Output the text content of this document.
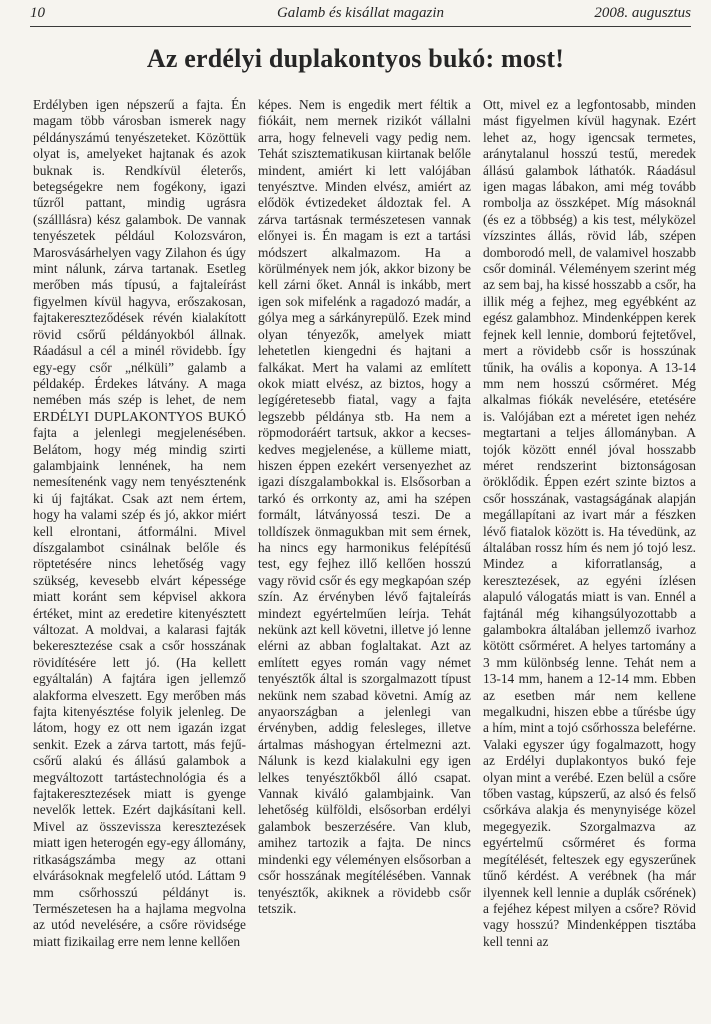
10	Galamb és kisállat magazin	2008. augusztus
Az erdélyi duplakontyos bukó: most!

Erdélyben igen népszerű a fajta. Én magam több városban ismerek nagy példányszámú tenyészeteket. Közöttük olyat is, amelyeket hajtanak és azok buknak is. Rendkívül életerős, betegségekre nem fogékony, igazi tűzről pattant, mindig ugrásra (szálllásra) kész galambok. De vannak tenyészetek például Kolozsváron, Marosvásárhelyen vagy Zilahon és úgy mint nálunk, zárva tartanak. Esetleg merőben más típusú, a fajtaleírást figyelmen kívül hagyva, erőszakosan, fajtakereszteződések révén kialakított rövid csőrű példányokból állnak. Ráadásul a cél a minél rövidebb. Így egy-egy csőr „nélküli” galamb a példakép. Érdekes látvány. A maga nemében más szép is lehet, de nem ERDÉLYI DUPLAKONTYOS BUKÓ fajta a jelenlegi megjelenésében. Belátom, hogy még mindig szirti galambjaink lennének, ha nem nemesítenénk vagy nem tenyésztenénk ki új fajtákat. Csak azt nem értem, hogy ha valami szép és jó, akkor miért kell elrontani, átformálni. Mivel díszgalambot csinálnak belőle és röptetésére nincs lehetőség vagy szükség, kevesebb elvárt képessége miatt koránt sem képvisel akkora értéket, mint az eredetire kitenyésztett változat. A moldvai, a kalarasi fajták bekeresztezése csak a csőr hosszának rövidítésére lett jó. (Ha kellett egyáltalán) A fajtára igen jellemző alakforma elveszett. Egy merőben más fajta kitenyésztése folyik jelenleg. De látom, hogy ez ott nem igazán izgat senkit. Ezek a zárva tartott, más fejű-csőrű alakú és állású galambok a megváltozott tartástechnológia és a fajtakeresztezések miatt is gyenge nevelők lettek. Ezért dajkásítani kell. Mivel az összevissza keresztezések miatt igen heterogén egy-egy állomány, ritkaságszámba megy az ottani elvárásoknak megfelelő utód. Láttam 9 mm csőrhosszú példányt is. Természetesen ha a hajlama megvolna az utód nevelésére, a csőre rövidsége miatt fizikailag erre nem lenne kellően

képes. Nem is engedik mert féltik a fiókáit, nem mernek rizikót vállalni arra, hogy felneveli vagy pedig nem. Tehát szisztematikusan kiirtanak belőle mindent, amiért ki lett valójában tenyésztve. Minden elvész, amiért az elődök évtizedeket áldoztak fel. A zárva tartásnak természetesen vannak előnyei is. Én magam is ezt a tartási módszert alkalmazom. Ha a körülmények nem jók, akkor bizony be kell zárni őket. Annál is inkább, mert igen sok mifelénk a ragadozó madár, a gólya meg a sárkányrepülő. Ezek mind olyan tényezők, amelyek miatt lehetetlen kiengedni és hajtani a falkákat. Mert ha valami az említett okok miatt elvész, az biztos, hogy a legígéretesebb fiatal, vagy a fajta legszebb példánya stb. Ha nem a röpmodoráért tartsuk, akkor a kecses-kedves megjelenése, a külleme miatt, hiszen éppen ezekért versenyezhet az igazi díszgalambokkal is. Elsősorban a tarkó és orrkonty az, ami ha szépen formált, látványossá teszi. De a tolldíszek önmagukban mit sem érnek, ha nincs egy harmonikus felépítésű test, egy fejhez illő kellően hosszú vagy rövid csőr és egy megkapóan szép szín. Az érvényben lévő fajtaleírás mindezt egyértelműen leírja. Tehát nekünk azt kell követni, illetve jó lenne elérni az abban foglaltakat. Azt az említett egyes román vagy német tenyésztők által is szorgalmazott típust nekünk nem szabad követni. Amíg az anyaországban a jelenlegi van érvényben, addig felesleges, illetve ártalmas máshogyan értelmezni azt. Nálunk is kezd kialakulni egy igen lelkes tenyésztőkből álló csapat. Vannak kiváló galambjaink. Van lehetőség külföldi, elsősorban erdélyi galambok beszerzésére. Van klub, amihez tartozik a fajta. De nincs mindenki egy véleményen elsősorban a csőr hosszának megítélésében. Vannak tenyésztők, akiknek a rövidebb csőr tetszik.

Ott, mivel ez a legfontosabb, minden mást figyelmen kívül hagynak. Ezért lehet az, hogy igencsak termetes, aránytalanul hosszú testű, meredek állású galambok láthatók. Ráadásul igen magas lábakon, ami még tovább rombolja az összképet. Míg másoknál (és ez a többség) a kis test, mélyközel vízszintes állás, rövid láb, szépen domborodó mell, de valamivel hoszabb csőr dominál. Véleményem szerint még az sem baj, ha kissé hosszabb a csőr, ha illik még a fejhez, meg egyébként az egész galambhoz. Mindenképpen kerek fejnek kell lennie, domború fejtetővel, mert a rövidebb csőr is hosszúnak tűnik, ha ovális a koponya. A 13-14 mm nem hosszú csőrméret. Még alkalmas fiókák nevelésére, etetésére is. Valójában ezt a méretet igen nehéz megtartani a teljes állományban. A tojók között ennél jóval hosszabb méret rendszerint biztonságosan öröklődik. Éppen ezért szinte biztos a csőr hosszának, vastagságának alapján megállapítani az ivart már a fészken lévő fiatalok között is. Ha tévedünk, az általában rossz hím és nem jó tojó lesz. Mindez a kiforratlanság, a keresztezések, az egyéni ízlésen alapuló válogatás miatt is van. Ennél a fajtánál még kihangsúlyozottabb a galambokra általában jellemző ivarhoz kötött csőrméret. A helyes tartomány a 3 mm különbség lenne. Tehát nem a 13-14 mm, hanem a 12-14 mm. Ebben az esetben már nem kellene megalkudni, hiszen ebbe a tűrésbe úgy a hím, mint a tojó csőrhossza beleférne. Valaki egyszer úgy fogalmazott, hogy az Erdélyi duplakontyos bukó feje olyan mint a verébé. Ezen belül a csőre tőben vastag, kúpszerű, az alsó és felső csőrkáva alakja és menynyisége közel megegyezik. Szorgalmazva az egyértelmű csőrméret és forma megítélését, felteszek egy egyszerűnek tűnő kérdést. A verébnek (ha már ilyennek kell lennie a duplák csőrének) a fejéhez képest milyen a csőre? Rövid vagy hosszú? Mindenképpen tisztába kell tenni az
